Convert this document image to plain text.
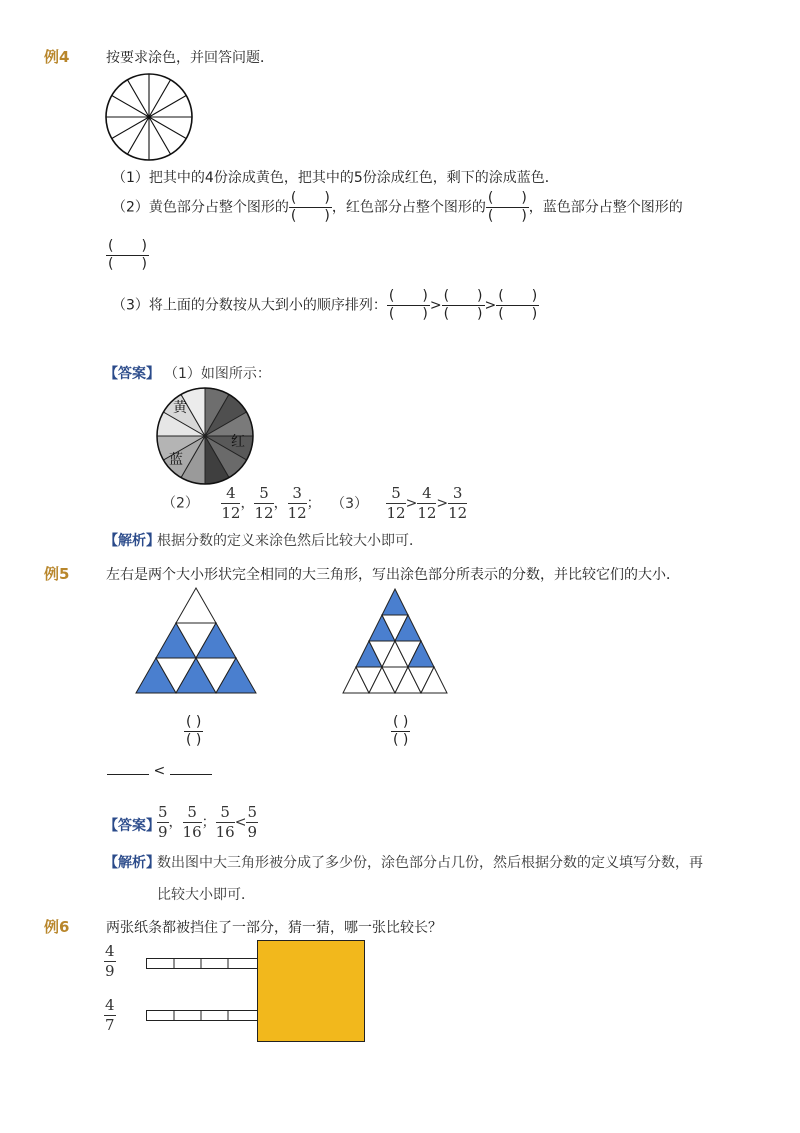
例4	按要求涂色，并回答问题．
（1）把其中的4份涂成黄色，把其中的5份涂成红色，剩下的涂成蓝色．
（2）黄色部分占整个图形的 $\frac{( )}{( )}$ ，红色部分占整个图形的 $\frac{( )}{( )}$ ，蓝色部分占整个图形的
$\frac{( )}{( )}$
（3）将上面的分数按从大到小的顺序排列： $\frac{( )}{( )} > \frac{( )}{( )} > \frac{( )}{( )}$
【答案】 （1）如图所示：
黄
红
蓝
$(2) \frac{4}{12}$ ， $\frac{5}{12}$ ， $\frac{3}{12}$ ； $(3) \frac{5}{12} > \frac{4}{12} > \frac{3}{12}$
【解析】
根据分数的定义来涂色然后比较大小即可．
例5	左右是两个大小形状完全相同的大三角形，写出涂色部分所表示的分数，并比较它们的大小．
$\frac{( )}{( )}$	$\frac{( )}{( )}$
<
【答案】
$\frac{5}{9}$ ， $\frac{5}{16}$ ； $\frac{5}{16} < \frac{5}{9}$
【解析】
数出图中大三角形被分成了多少份，涂色部分占几份，然后根据分数的定义填写分数，再
比较大小即可．
例6	两张纸条都被挡住了一部分，猜一猜，哪一张比较长？
$\frac{4}{9}$
$\frac{4}{7}$
